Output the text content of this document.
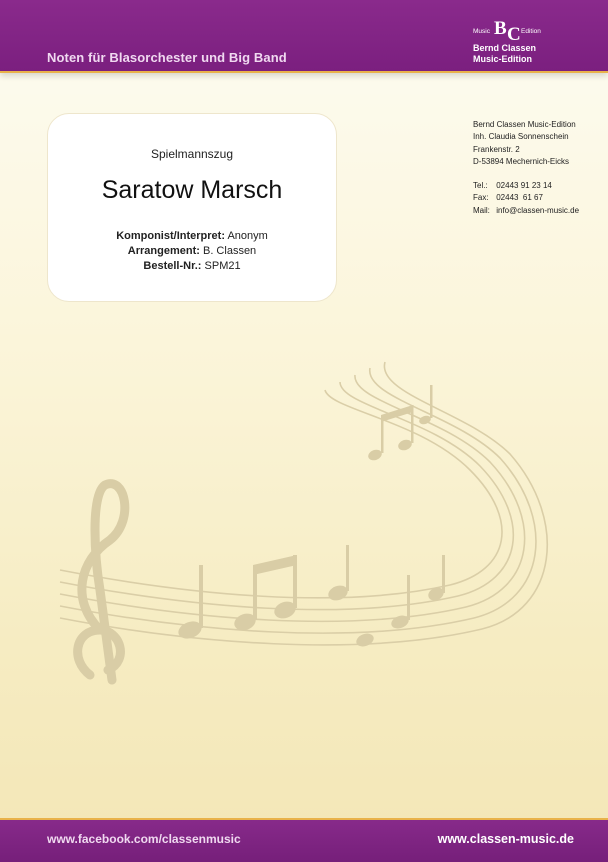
Noten für Blasorchester und Big Band
Music B C Edition
Bernd Classen
Music-Edition
Spielmannszug
Saratow Marsch
Komponist/Interpret: Anonym
Arrangement: B. Classen
Bestell-Nr.: SPM21
Bernd Classen Music-Edition
Inh. Claudia Sonnenschein
Frankenstr. 2
D-53894 Mechernich-Eicks
Tel.: 02443 91 23 14
Fax: 02443  61 67
Mail: info@classen-music.de
www.facebook.com/classenmusic	www.classen-music.de
